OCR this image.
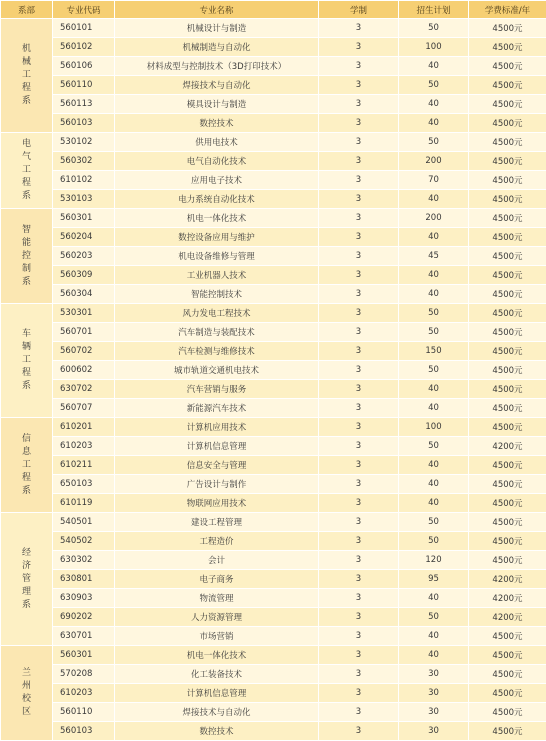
系部	专业代码	专业名称	学制	招生计划	学费标准/年
机械工程系	560101	机械设计与制造	3	50	4500元
	560102	机械制造与自动化	3	100	4500元
	560106	材料成型与控制技术（3D打印技术）	3	40	4500元
	560110	焊接技术与自动化	3	50	4500元
	560113	模具设计与制造	3	40	4500元
	560103	数控技术	3	40	4500元
电气工程系	530102	供用电技术	3	50	4500元
	560302	电气自动化技术	3	200	4500元
	610102	应用电子技术	3	70	4500元
	530103	电力系统自动化技术	3	40	4500元
智能控制系	560301	机电一体化技术	3	200	4500元
	560204	数控设备应用与维护	3	40	4500元
	560203	机电设备维修与管理	3	45	4500元
	560309	工业机器人技术	3	40	4500元
	560304	智能控制技术	3	40	4500元
车辆工程系	530301	风力发电工程技术	3	50	4500元
	560701	汽车制造与装配技术	3	50	4500元
	560702	汽车检测与维修技术	3	150	4500元
	600602	城市轨道交通机电技术	3	50	4500元
	630702	汽车营销与服务	3	40	4500元
	560707	新能源汽车技术	3	40	4500元
信息工程系	610201	计算机应用技术	3	100	4500元
	610203	计算机信息管理	3	50	4200元
	610211	信息安全与管理	3	40	4500元
	650103	广告设计与制作	3	40	4500元
	610119	物联网应用技术	3	40	4500元
经济管理系	540501	建设工程管理	3	50	4500元
	540502	工程造价	3	50	4500元
	630302	会计	3	120	4500元
	630801	电子商务	3	95	4200元
	630903	物流管理	3	40	4200元
	690202	人力资源管理	3	50	4200元
	630701	市场营销	3	40	4500元
兰州校区	560301	机电一体化技术	3	40	4500元
	570208	化工装备技术	3	30	4500元
	610203	计算机信息管理	3	30	4500元
	560110	焊接技术与自动化	3	30	4500元
	560103	数控技术	3	30	4500元
